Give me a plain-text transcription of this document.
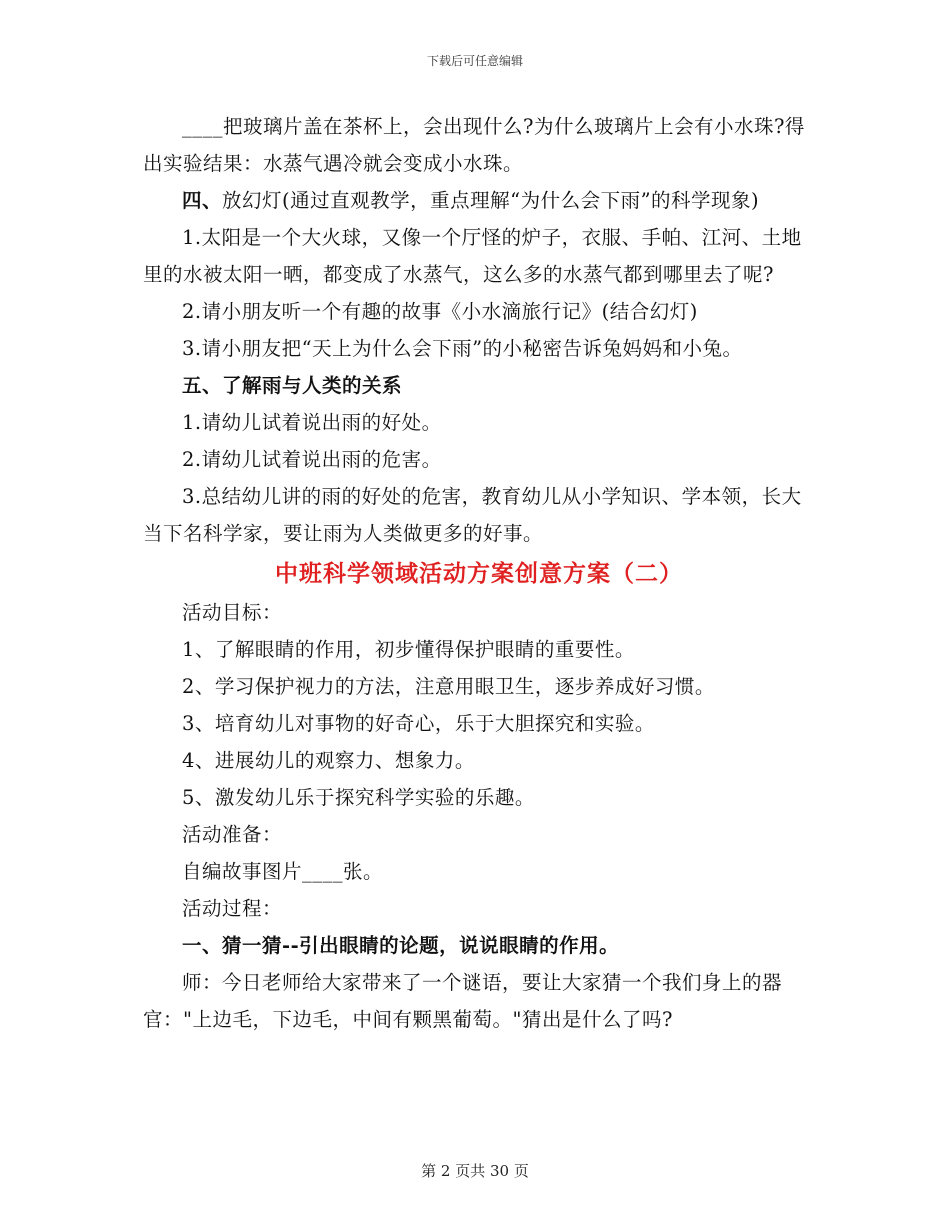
下载后可任意编辑

____把玻璃片盖在茶杯上，会出现什么?为什么玻璃片上会有小水珠?得出实验结果：水蒸气遇冷就会变成小水珠。

四、放幻灯(通过直观教学，重点理解“为什么会下雨”的科学现象)

1.太阳是一个大火球，又像一个厅怪的炉子，衣服、手帕、江河、土地里的水被太阳一晒，都变成了水蒸气，这么多的水蒸气都到哪里去了呢?

2.请小朋友听一个有趣的故事《小水滴旅行记》(结合幻灯)

3.请小朋友把“天上为什么会下雨”的小秘密告诉兔妈妈和小兔。

五、了解雨与人类的关系

1.请幼儿试着说出雨的好处。

2.请幼儿试着说出雨的危害。

3.总结幼儿讲的雨的好处的危害，教育幼儿从小学知识、学本领，长大当下名科学家，要让雨为人类做更多的好事。

中班科学领域活动方案创意方案（二）

活动目标：

1、了解眼睛的作用，初步懂得保护眼睛的重要性。

2、学习保护视力的方法，注意用眼卫生，逐步养成好习惯。

3、培育幼儿对事物的好奇心，乐于大胆探究和实验。

4、进展幼儿的观察力、想象力。

5、激发幼儿乐于探究科学实验的乐趣。

活动准备：

自编故事图片____张。

活动过程：

一、猜一猜--引出眼睛的论题，说说眼睛的作用。

师：今日老师给大家带来了一个谜语，要让大家猜一个我们身上的器官："上边毛，下边毛，中间有颗黑葡萄。"猜出是什么了吗?

第 2 页共 30 页
